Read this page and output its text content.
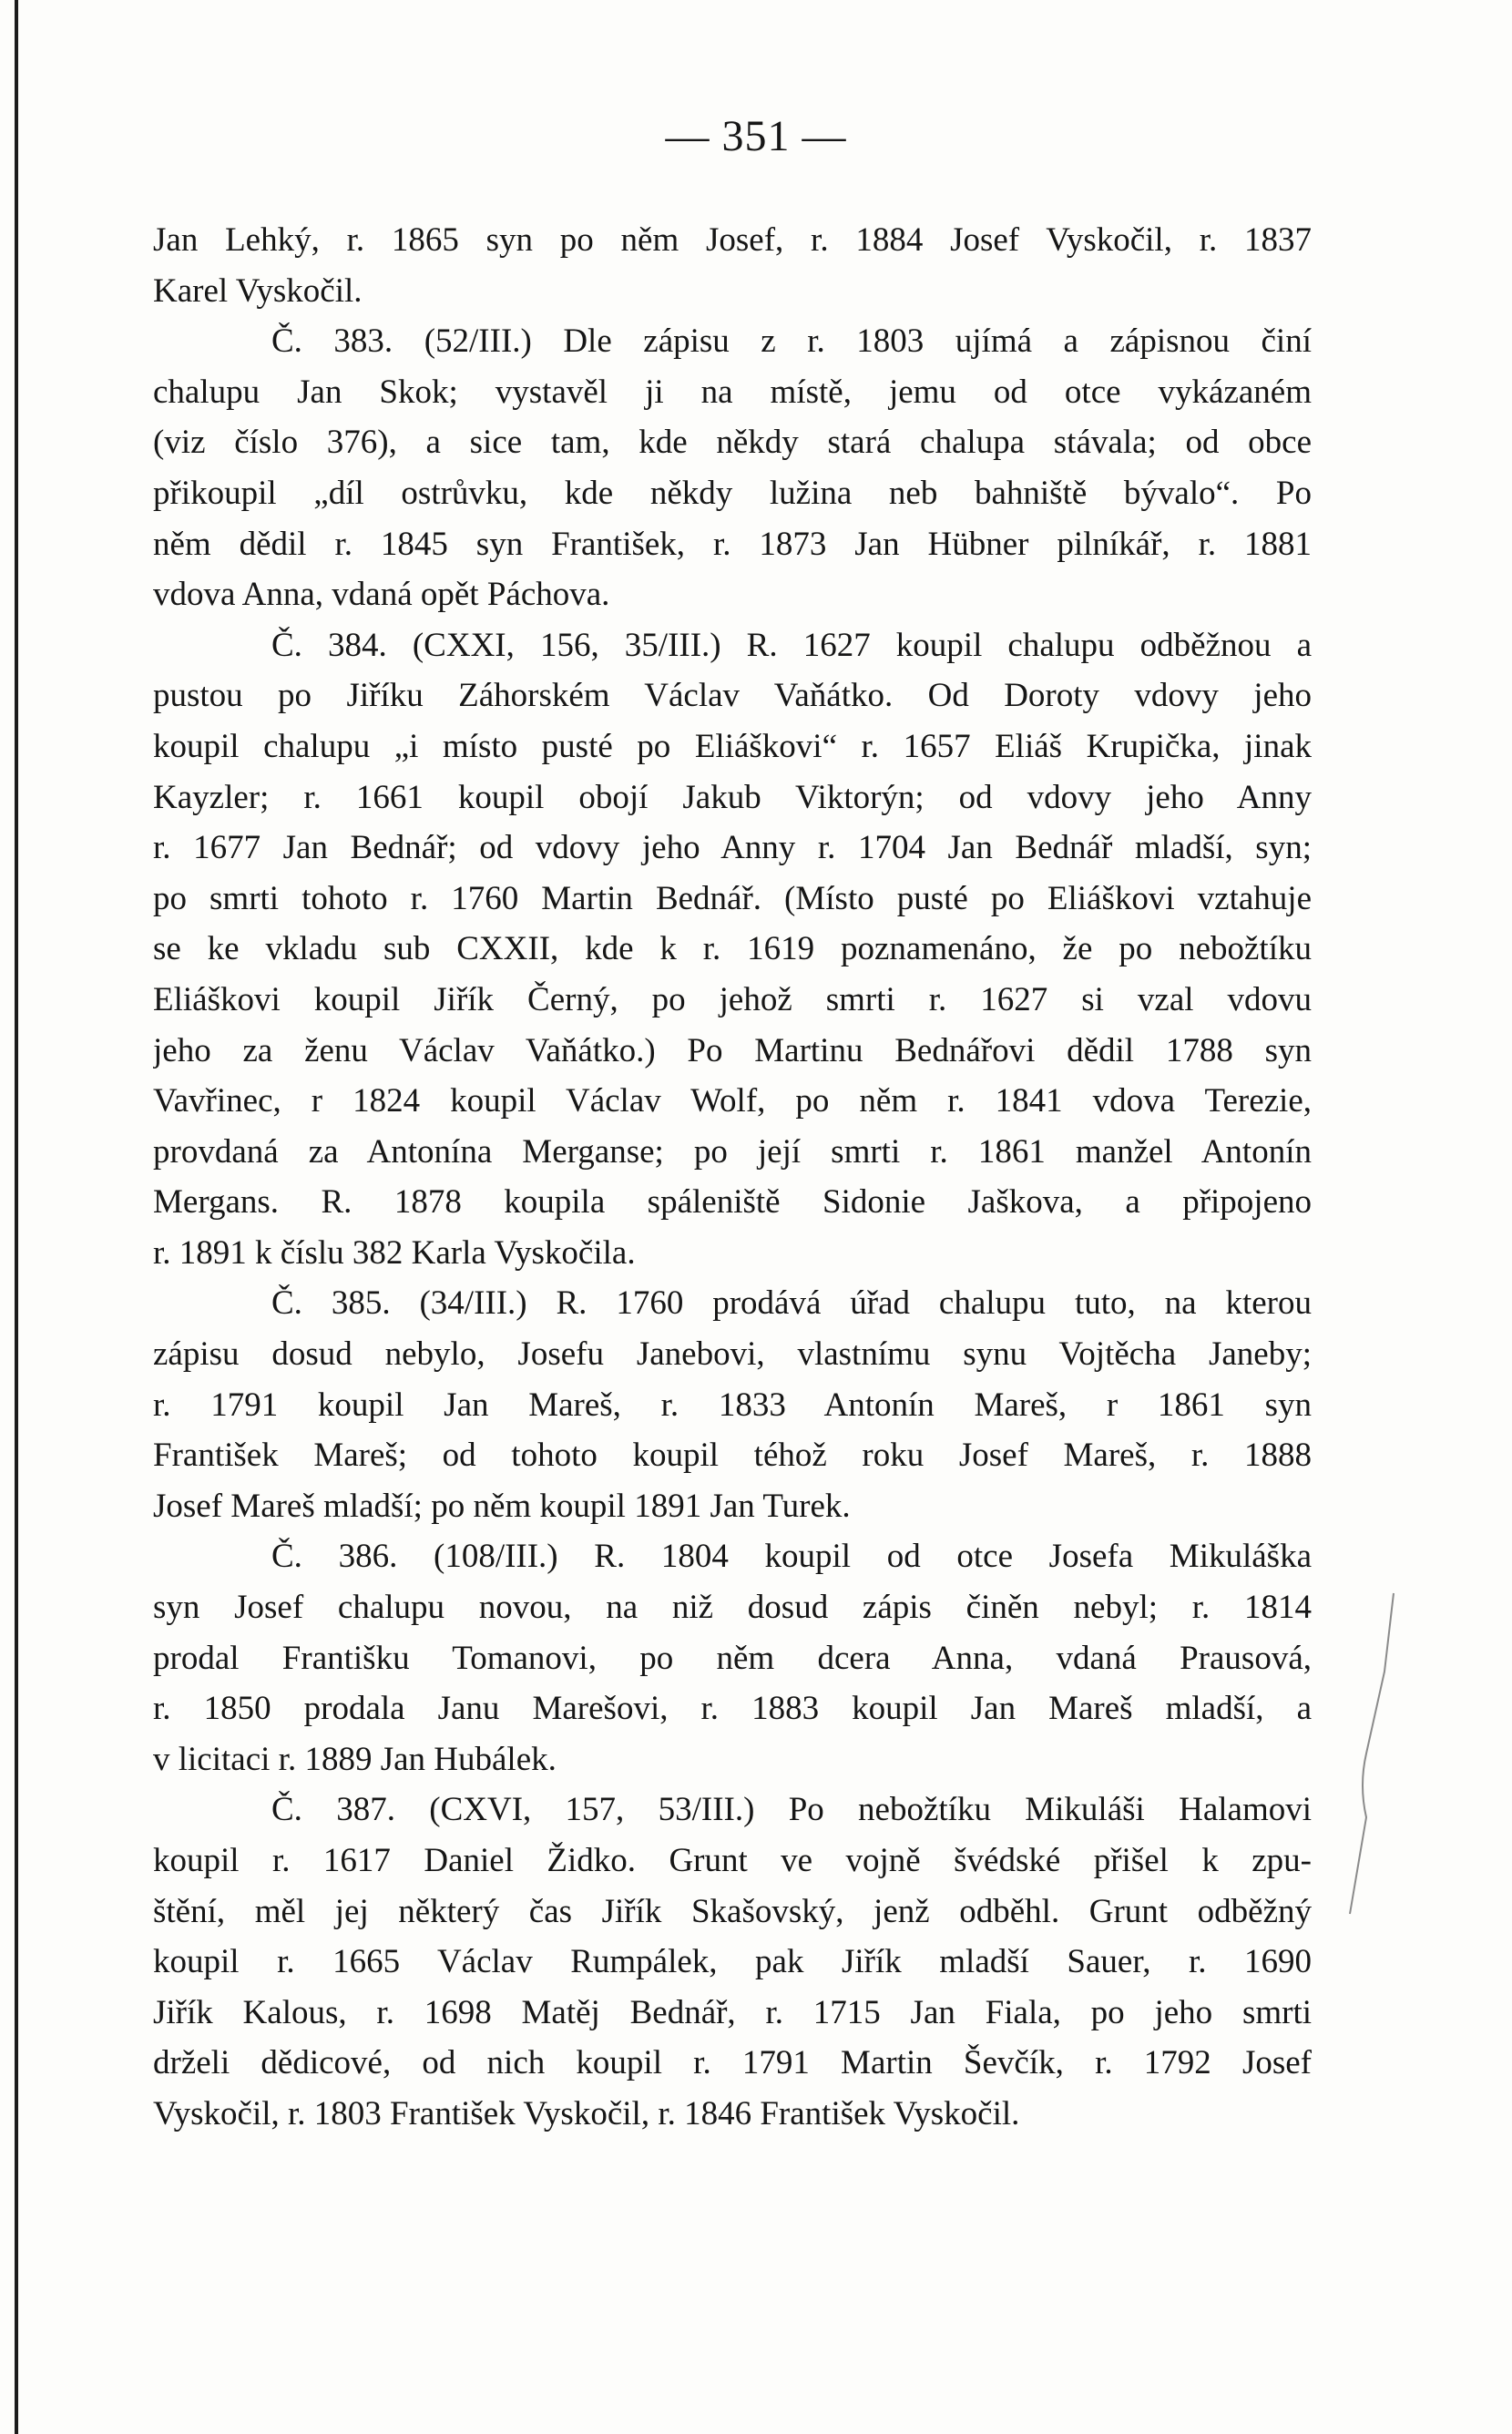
— 351 —
Jan Lehký, r. 1865 syn po něm Josef, r. 1884 Josef Vyskočil, r. 1837
Karel Vyskočil.
Č. 383. (52/III.) Dle zápisu z r. 1803 ujímá a zápisnou činí
chalupu Jan Skok; vystavěl ji na místě, jemu od otce vykázaném
(viz číslo 376), a sice tam, kde někdy stará chalupa stávala; od obce
přikoupil „díl ostrůvku, kde někdy lužina neb bahniště bývalo“. Po
něm dědil r. 1845 syn František, r. 1873 Jan Hübner pilníkář, r. 1881
vdova Anna, vdaná opět Páchova.
Č. 384. (CXXI, 156, 35/III.) R. 1627 koupil chalupu odběžnou a
pustou po Jiříku Záhorském Václav Vaňátko. Od Doroty vdovy jeho
koupil chalupu „i místo pusté po Eliáškovi“ r. 1657 Eliáš Krupička, jinak
Kayzler; r. 1661 koupil obojí Jakub Viktorýn; od vdovy jeho Anny
r. 1677 Jan Bednář; od vdovy jeho Anny r. 1704 Jan Bednář mladší, syn;
po smrti tohoto r. 1760 Martin Bednář. (Místo pusté po Eliáškovi vztahuje
se ke vkladu sub CXXII, kde k r. 1619 poznamenáno, že po nebožtíku
Eliáškovi koupil Jiřík Černý, po jehož smrti r. 1627 si vzal vdovu
jeho za ženu Václav Vaňátko.) Po Martinu Bednářovi dědil 1788 syn
Vavřinec, r 1824 koupil Václav Wolf, po něm r. 1841 vdova Terezie,
provdaná za Antonína Merganse; po její smrti r. 1861 manžel Antonín
Mergans. R. 1878 koupila spáleniště Sidonie Jaškova, a připojeno
r. 1891 k číslu 382 Karla Vyskočila.
Č. 385. (34/III.) R. 1760 prodává úřad chalupu tuto, na kterou
zápisu dosud nebylo, Josefu Janebovi, vlastnímu synu Vojtěcha Janeby;
r. 1791 koupil Jan Mareš, r. 1833 Antonín Mareš, r 1861 syn
František Mareš; od tohoto koupil téhož roku Josef Mareš, r. 1888
Josef Mareš mladší; po něm koupil 1891 Jan Turek.
Č. 386. (108/III.) R. 1804 koupil od otce Josefa Mikuláška
syn Josef chalupu novou, na niž dosud zápis činěn nebyl; r. 1814
prodal Františku Tomanovi, po něm dcera Anna, vdaná Prausová,
r. 1850 prodala Janu Marešovi, r. 1883 koupil Jan Mareš mladší, a
v licitaci r. 1889 Jan Hubálek.
Č. 387. (CXVI, 157, 53/III.) Po nebožtíku Mikuláši Halamovi
koupil r. 1617 Daniel Židko. Grunt ve vojně švédské přišel k zpu-
štění, měl jej některý čas Jiřík Skašovský, jenž odběhl. Grunt odběžný
koupil r. 1665 Václav Rumpálek, pak Jiřík mladší Sauer, r. 1690
Jiřík Kalous, r. 1698 Matěj Bednář, r. 1715 Jan Fiala, po jeho smrti
drželi dědicové, od nich koupil r. 1791 Martin Ševčík, r. 1792 Josef
Vyskočil, r. 1803 František Vyskočil, r. 1846 František Vyskočil.
